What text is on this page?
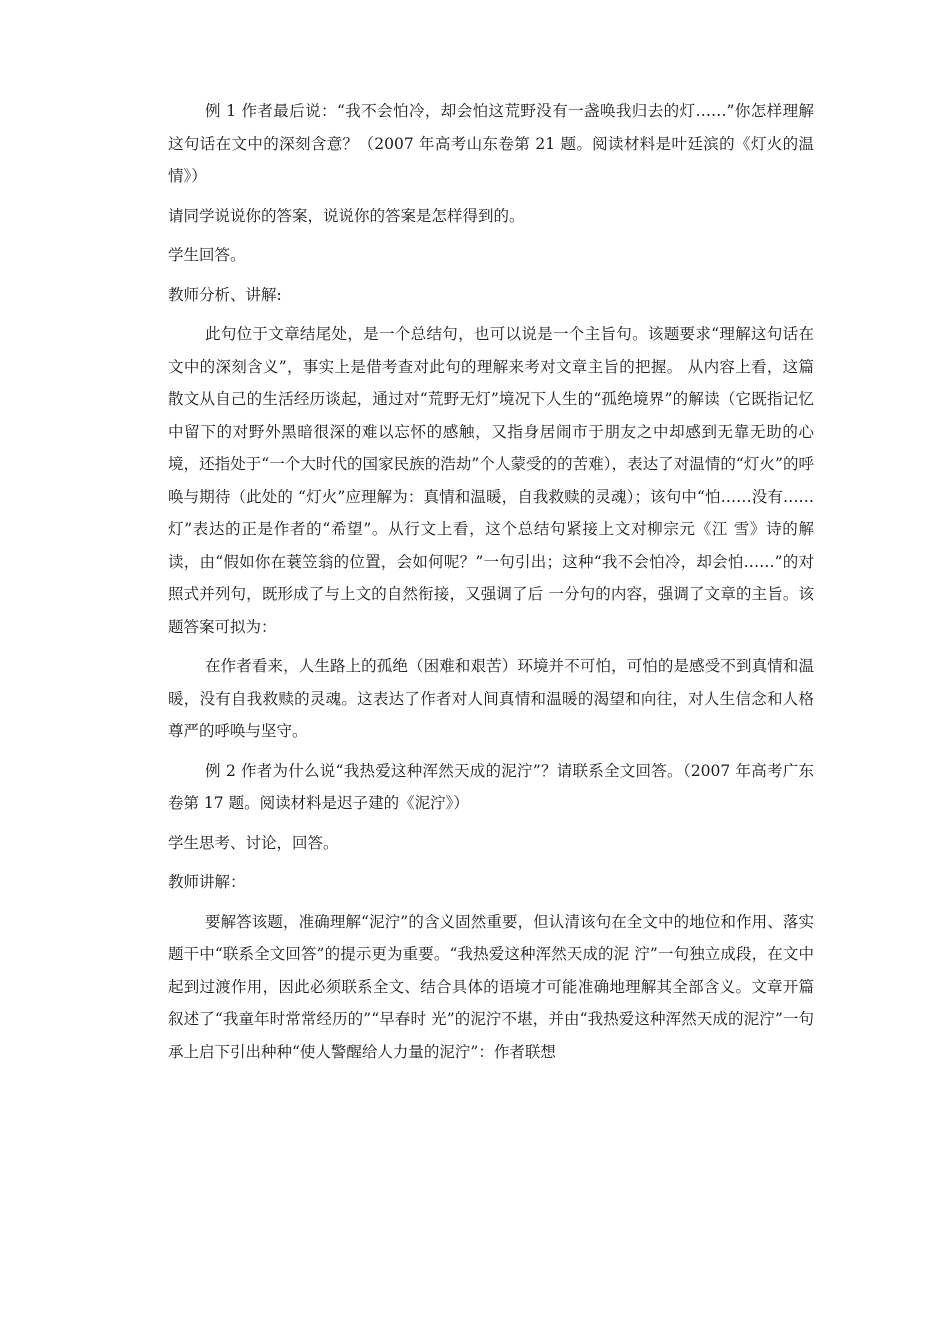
例 1 作者最后说：“我不会怕冷，却会怕这荒野没有一盏唤我归去的灯……”你怎样理解这句话在文中的深刻含意？（2007 年高考山东卷第 21 题。阅读材料是叶廷滨的《灯火的温情》）

请同学说说你的答案，说说你的答案是怎样得到的。

学生回答。

教师分析、讲解:

此句位于文章结尾处，是一个总结句，也可以说是一个主旨句。该题要求“理解这句话在文中的深刻含义”，事实上是借考查对此句的理解来考对文章主旨的把握。 从内容上看，这篇散文从自己的生活经历谈起，通过对“荒野无灯”境况下人生的“孤绝境界”的解读（它既指记忆中留下的对野外黑暗很深的难以忘怀的感触，又指身居闹市于朋友之中却感到无靠无助的心境，还指处于“一个大时代的国家民族的浩劫”个人蒙受的的苦难），表达了对温情的“灯火”的呼唤与期待（此处的 “灯火”应理解为：真情和温暖，自我救赎的灵魂）；该句中“怕……没有……灯”表达的正是作者的“希望”。从行文上看，这个总结句紧接上文对柳宗元《江 雪》诗的解读，由“假如你在蓑笠翁的位置，会如何呢？”一句引出；这种“我不会怕冷，却会怕……”的对照式并列句，既形成了与上文的自然衔接，又强调了后 一分句的内容，强调了文章的主旨。该题答案可拟为：

在作者看来，人生路上的孤绝（困难和艰苦）环境并不可怕，可怕的是感受不到真情和温暖，没有自我救赎的灵魂。这表达了作者对人间真情和温暖的渴望和向往，对人生信念和人格尊严的呼唤与坚守。

例 2 作者为什么说“我热爱这种浑然天成的泥泞”？请联系全文回答。（2007 年高考广东卷第 17 题。阅读材料是迟子建的《泥泞》）

学生思考、讨论，回答。

教师讲解：

要解答该题，准确理解“泥泞”的含义固然重要，但认清该句在全文中的地位和作用、落实题干中“联系全文回答”的提示更为重要。“我热爱这种浑然天成的泥 泞”一句独立成段，在文中起到过渡作用，因此必须联系全文、结合具体的语境才可能准确地理解其全部含义。文章开篇叙述了“我童年时常常经历的”“早春时 光”的泥泞不堪，并由“我热爱这种浑然天成的泥泞”一句承上启下引出种种“使人警醒给人力量的泥泞”：作者联想
